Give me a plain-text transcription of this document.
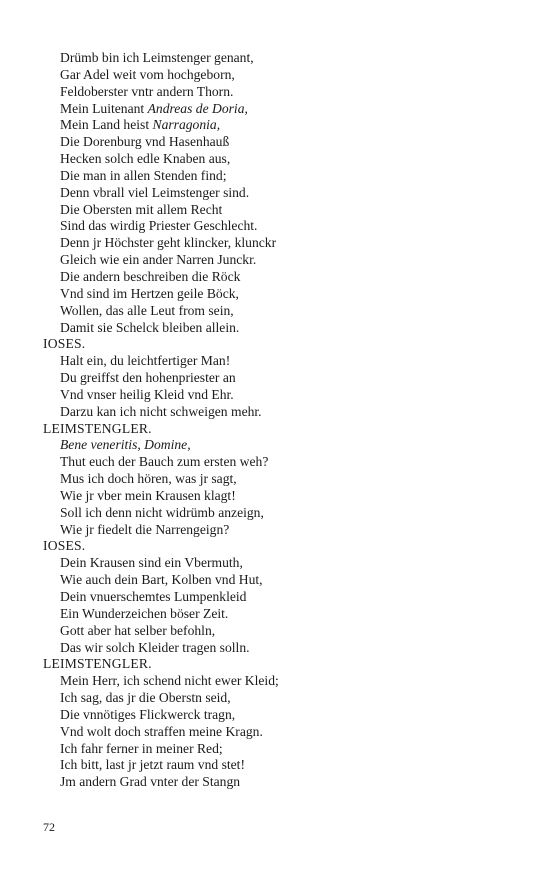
Drümb bin ich Leimstenger genant,
Gar Adel weit vom hochgeborn,
Feldoberster vntr andern Thorn.
Mein Luitenant Andreas de Doria,
Mein Land heist Narragonia,
Die Dorenburg vnd Hasenhauß
Hecken solch edle Knaben aus,
Die man in allen Stenden find;
Denn vbrall viel Leimstenger sind.
Die Obersten mit allem Recht
Sind das wirdig Priester Geschlecht.
Denn jr Höchster geht klincker, klunckr
Gleich wie ein ander Narren Junckr.
Die andern beschreiben die Röck
Vnd sind im Hertzen geile Böck,
Wollen, das alle Leut from sein,
Damit sie Schelck bleiben allein.
IOSES.
Halt ein, du leichtfertiger Man!
Du greiffst den hohenpriester an
Vnd vnser heilig Kleid vnd Ehr.
Darzu kan ich nicht schweigen mehr.
LEIMSTENGLER.
Bene veneritis, Domine,
Thut euch der Bauch zum ersten weh?
Mus ich doch hören, was jr sagt,
Wie jr vber mein Krausen klagt!
Soll ich denn nicht widrümb anzeign,
Wie jr fiedelt die Narrengeign?
IOSES.
Dein Krausen sind ein Vbermuth,
Wie auch dein Bart, Kolben vnd Hut,
Dein vnuerschemtes Lumpenkleid
Ein Wunderzeichen böser Zeit.
Gott aber hat selber befohln,
Das wir solch Kleider tragen solln.
LEIMSTENGLER.
Mein Herr, ich schend nicht ewer Kleid;
Ich sag, das jr die Oberstn seid,
Die vnnötiges Flickwerck tragn,
Vnd wolt doch straffen meine Kragn.
Ich fahr ferner in meiner Red;
Ich bitt, last jr jetzt raum vnd stet!
Jm andern Grad vnter der Stangn
72
